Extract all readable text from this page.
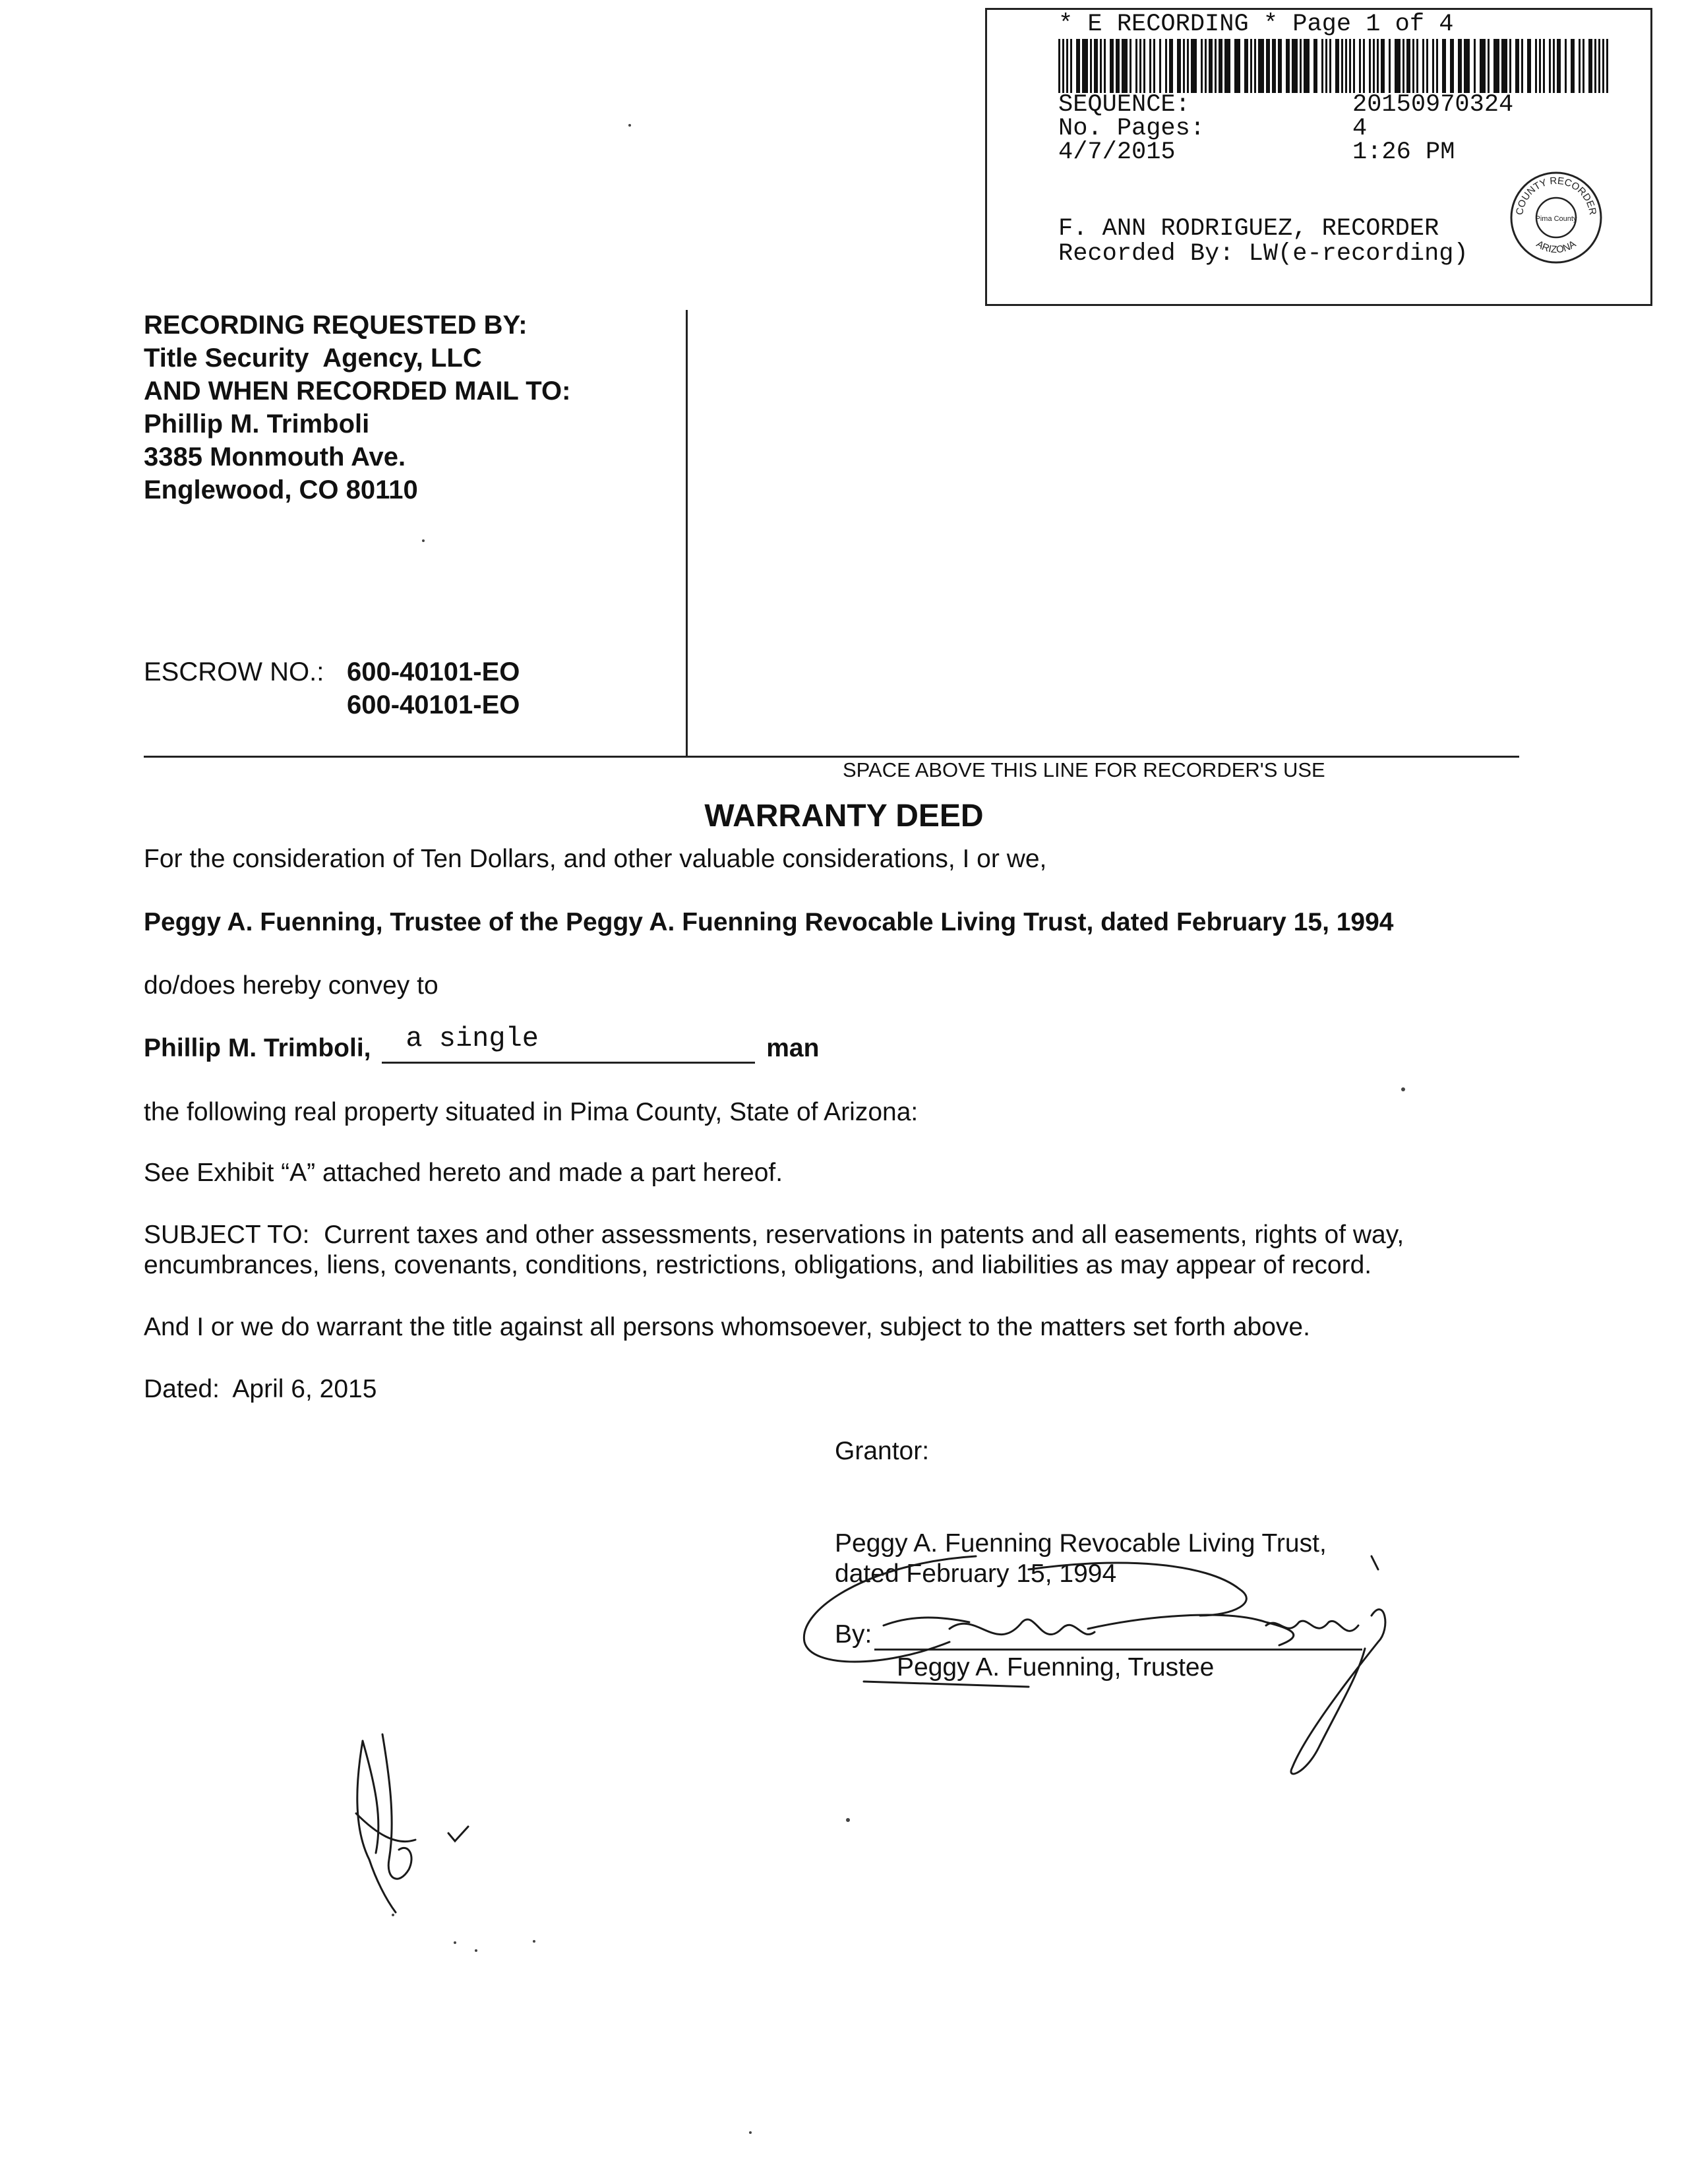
* E RECORDING * Page 1 of 4
SEQUENCE:	20150970324
No. Pages:	4
4/7/2015	1:26 PM
F. ANN RODRIGUEZ, RECORDER
Recorded By: LW(e-recording)
COUNTY RECORDER
Pima County
ARIZONA
RECORDING REQUESTED BY:
Title Security  Agency, LLC
AND WHEN RECORDED MAIL TO:
Phillip M. Trimboli
3385 Monmouth Ave.
Englewood, CO 80110
ESCROW NO.: 600-40101-EO
600-40101-EO
SPACE ABOVE THIS LINE FOR RECORDER'S USE
WARRANTY DEED
For the consideration of Ten Dollars, and other valuable considerations, I or we,
Peggy A. Fuenning, Trustee of the Peggy A. Fuenning Revocable Living Trust, dated February 15, 1994
do/does hereby convey to
Phillip M. Trimboli, a single	man
the following real property situated in Pima County, State of Arizona:
See Exhibit “A” attached hereto and made a part hereof.
SUBJECT TO:  Current taxes and other assessments, reservations in patents and all easements, rights of way,
encumbrances, liens, covenants, conditions, restrictions, obligations, and liabilities as may appear of record.
And I or we do warrant the title against all persons whomsoever, subject to the matters set forth above.
Dated:  April 6, 2015
Grantor:
Peggy A. Fuenning Revocable Living Trust,
dated February 15, 1994
By:
Peggy A. Fuenning, Trustee
